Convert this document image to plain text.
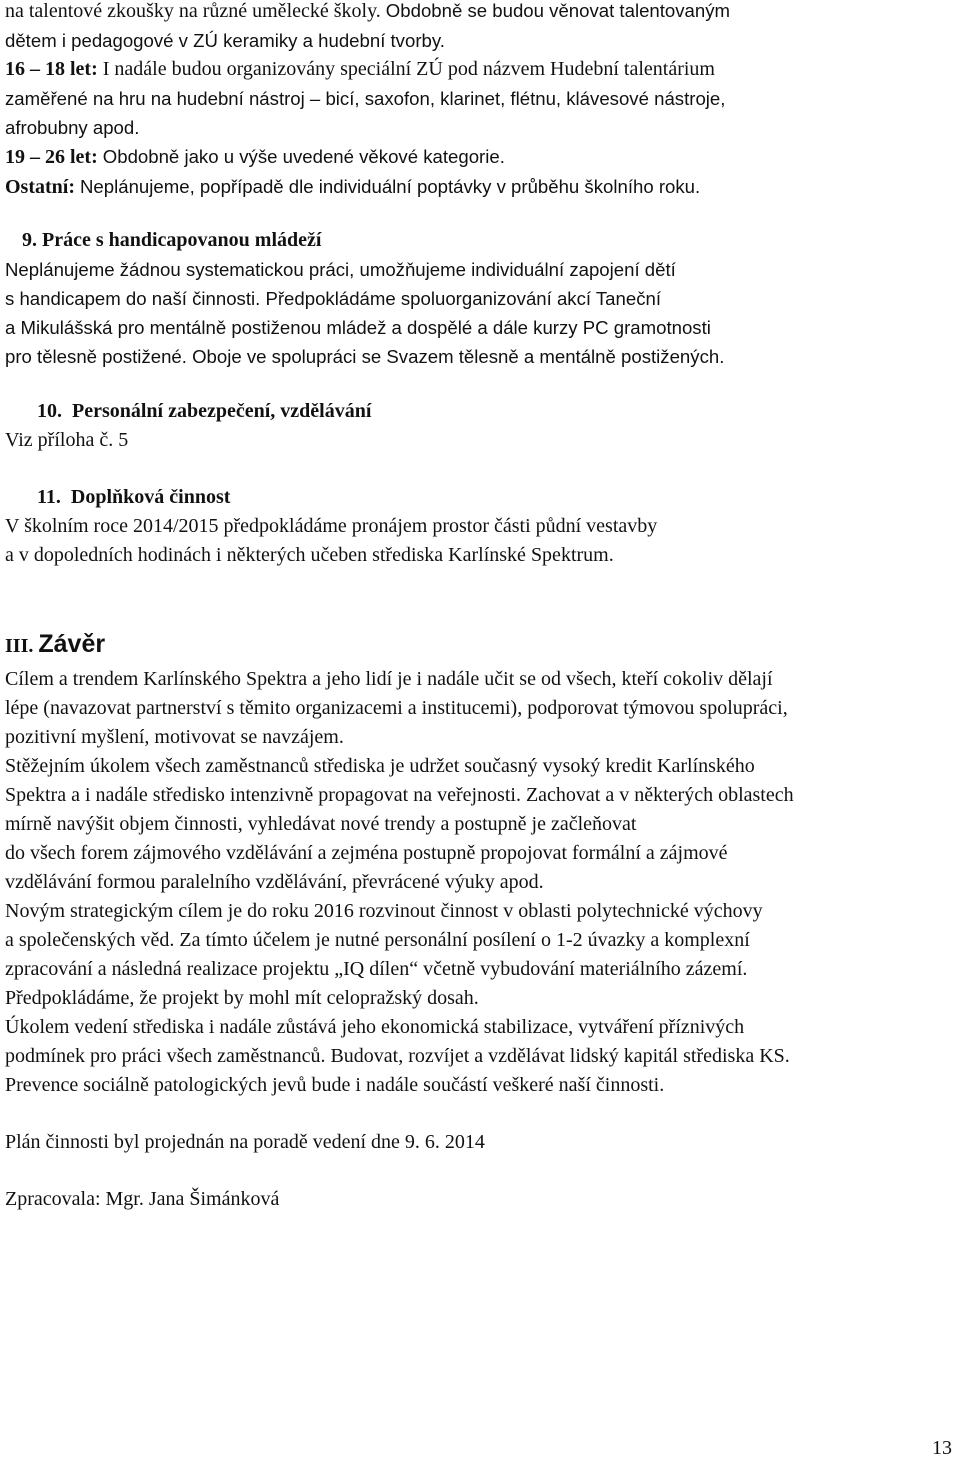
na talentové zkoušky na různé umělecké školy. Obdobně se budou věnovat talentovaným
dětem i pedagogové v ZÚ keramiky a hudební tvorby.
16 – 18 let: I nadále budou organizovány speciální ZÚ pod názvem Hudební talentárium
zaměřené na hru na hudební nástroj – bicí, saxofon, klarinet, flétnu, klávesové nástroje,
afrobubny apod.
19 – 26 let: Obdobně jako u výše uvedené věkové kategorie.
Ostatní: Neplánujeme, popřípadě dle individuální poptávky v průběhu školního roku.
9. Práce s handicapovanou mládeží
Neplánujeme žádnou systematickou práci, umožňujeme individuální zapojení dětí
s handicapem do naší činnosti. Předpokládáme spoluorganizování akcí Taneční
a Mikulášská pro mentálně postiženou mládež a dospělé a dále kurzy PC gramotnosti
pro tělesně postižené. Oboje ve spolupráci se Svazem tělesně a mentálně postižených.
10. Personální zabezpečení, vzdělávání
Viz příloha č. 5
11. Doplňková činnost
V školním roce 2014/2015 předpokládáme pronájem prostor části půdní vestavby
a v dopoledních hodinách i některých učeben střediska Karlínské Spektrum.
III. Závěr
Cílem a trendem Karlínského Spektra a jeho lidí je i nadále učit se od všech, kteří cokoliv dělají
lépe (navazovat partnerství s těmito organizacemi a institucemi), podporovat týmovou spolupráci,
pozitivní myšlení, motivovat se navzájem.
Stěžejním úkolem všech zaměstnanců střediska je udržet současný vysoký kredit Karlínského
Spektra a i nadále středisko intenzivně propagovat na veřejnosti. Zachovat a v některých oblastech
mírně navýšit objem činnosti, vyhledávat nové trendy a postupně je začleňovat
do všech forem zájmového vzdělávání a zejména postupně propojovat formální a zájmové
vzdělávání formou paralelního vzdělávání, převrácené výuky apod.
Novým strategickým cílem je do roku 2016 rozvinout činnost v oblasti polytechnické výchovy
a společenských věd. Za tímto účelem je nutné personální posílení o 1-2 úvazky a komplexní
zpracování a následná realizace projektu „IQ dílen“ včetně vybudování materiálního zázemí.
Předpokládáme, že projekt by mohl mít celopražský dosah.
Úkolem vedení střediska i nadále zůstává jeho ekonomická stabilizace, vytváření příznivých
podmínek pro práci všech zaměstnanců. Budovat, rozvíjet a vzdělávat lidský kapitál střediska KS.
Prevence sociálně patologických jevů bude i nadále součástí veškeré naší činnosti.
Plán činnosti byl projednán na poradě vedení dne 9. 6. 2014
Zpracovala: Mgr. Jana Šimánková
13
